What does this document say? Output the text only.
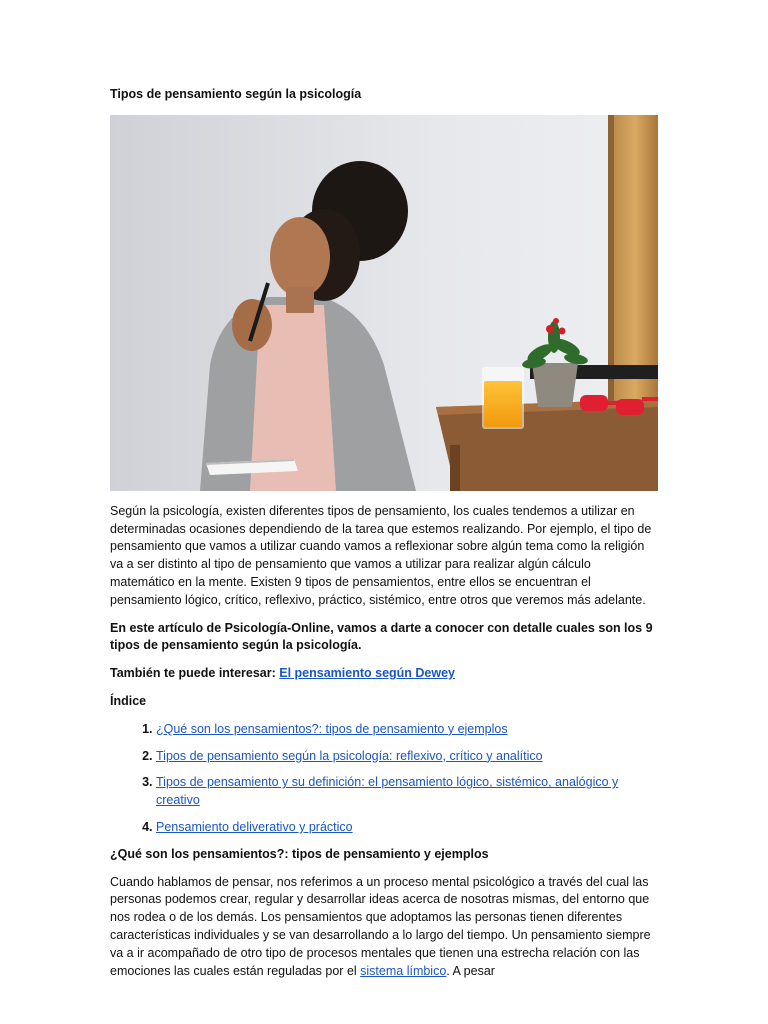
Tipos de pensamiento según la psicología

Según la psicología, existen diferentes tipos de pensamiento, los cuales tendemos a utilizar en determinadas ocasiones dependiendo de la tarea que estemos realizando. Por ejemplo, el tipo de pensamiento que vamos a utilizar cuando vamos a reflexionar sobre algún tema como la religión va a ser distinto al tipo de pensamiento que vamos a utilizar para realizar algún cálculo matemático en la mente. Existen 9 tipos de pensamientos, entre ellos se encuentran el pensamiento lógico, crítico, reflexivo, práctico, sistémico, entre otros que veremos más adelante.

En este artículo de Psicología-Online, vamos a darte a conocer con detalle cuales son los 9 tipos de pensamiento según la psicología.

También te puede interesar: El pensamiento según Dewey

Índice

1. ¿Qué son los pensamientos?: tipos de pensamiento y ejemplos
2. Tipos de pensamiento según la psicología: reflexivo, crítico y analítico
3. Tipos de pensamiento y su definición: el pensamiento lógico, sistémico, analógico y creativo
4. Pensamiento deliverativo y práctico
¿Qué son los pensamientos?: tipos de pensamiento y ejemplos

Cuando hablamos de pensar, nos referimos a un proceso mental psicológico a través del cual las personas podemos crear, regular y desarrollar ideas acerca de nosotras mismas, del entorno que nos rodea o de los demás. Los pensamientos que adoptamos las personas tienen diferentes características individuales y se van desarrollando a lo largo del tiempo. Un pensamiento siempre va a ir acompañado de otro tipo de procesos mentales que tienen una estrecha relación con las emociones las cuales están reguladas por el sistema límbico. A pesar
